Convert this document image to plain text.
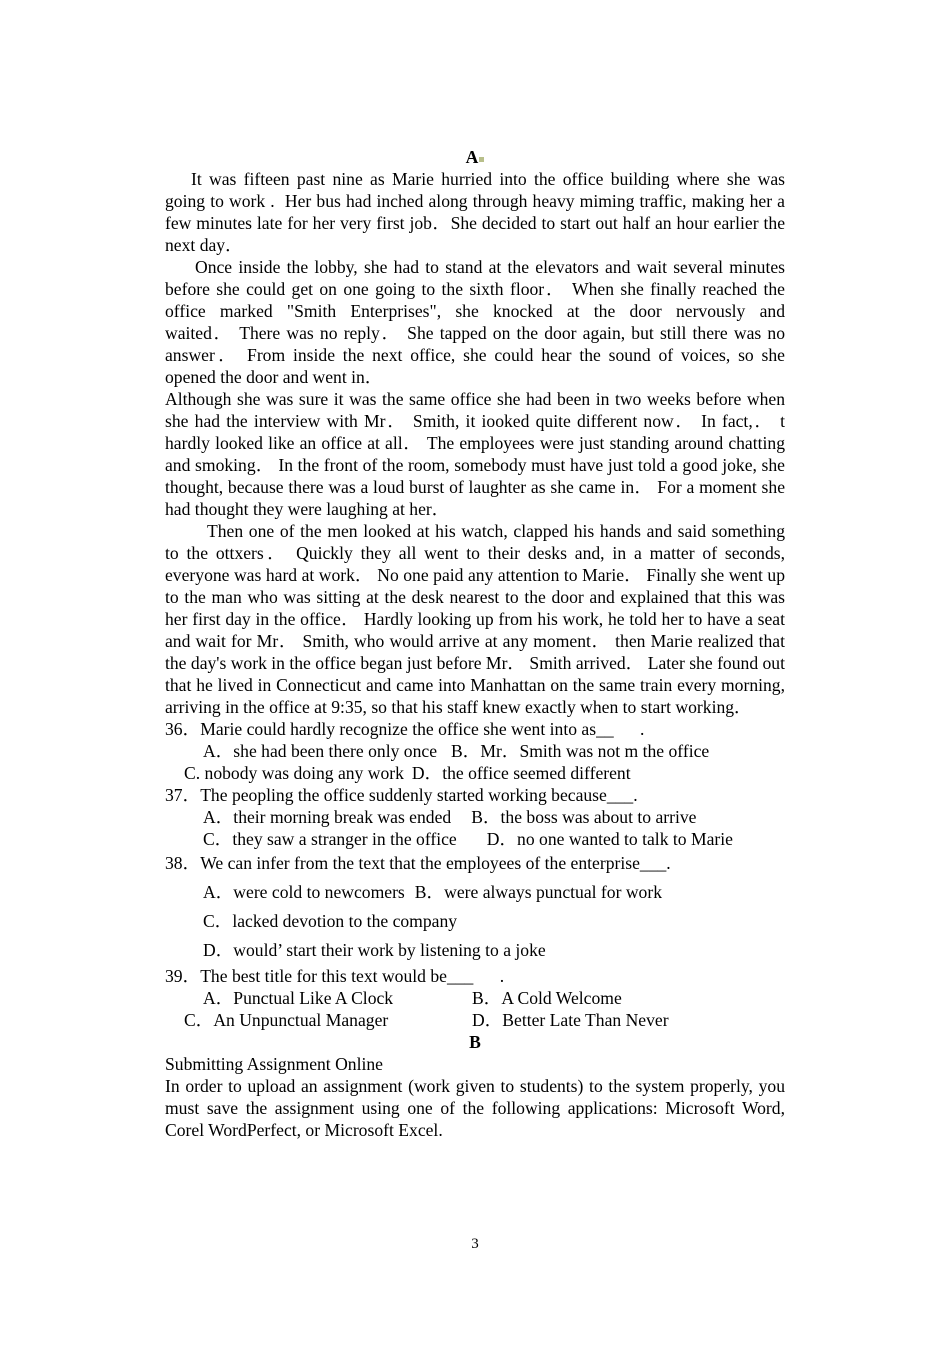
A

It was fifteen past nine as Marie hurried into the office building where she was going to work .  Her bus had inched along through heavy miming traffic, making her a few minutes late for her very first job．She decided to start out half an hour earlier the next day．

Once inside the lobby, she had to stand at the elevators and wait several minutes before she could get on one going to the sixth floor． When she finally reached the office marked "Smith Enterprises", she knocked at the door nervously and waited． There was no reply． She tapped on the door again, but still there was no answer． From inside the next office, she could hear the sound of voices, so she opened the door and went in．

Although she was sure it was the same office she had been in two weeks before when she had the interview with Mr． Smith, it iooked quite different now． In fact,． t hardly looked like an office at all． The employees were just standing around chatting and smoking． In the front of the room, somebody must have just told a good joke, she thought, because there was a loud burst of laughter as she came in． For a moment she had thought they were laughing at her．

Then one of the men looked at his watch, clapped his hands and said something to the ottxers． Quickly they all went to their desks and, in a matter of seconds, everyone was hard at work． No one paid any attention to Marie． Finally she went up to the man who was sitting at the desk nearest to the door and explained that this was her first day in the office． Hardly looking up from his work, he told her to have a seat and wait for Mr． Smith, who would arrive at any moment． then Marie realized that the day's work in the office began just before Mr． Smith arrived． Later she found out that he lived in Connecticut and came into Manhattan on the same train every morning, arriving in the office at 9:35, so that his staff knew exactly when to start working．

36．Marie could hardly recognize the office she went into as__      .

A．she had been there only once B．Mr．Smith was not m the office

C. nobody was doing any work D．the office seemed different

37．The peopling the office suddenly started working because___.

A．their morning break was ended B．the boss was about to arrive

C．they saw a stranger in the office D．no one wanted to talk to Marie

38．We can infer from the text that the employees of the enterprise___.

A．were cold to newcomers B．were always punctual for work

C．lacked devotion to the company

D．would’ start their work by listening to a joke

39．The best title for this text would be___      .

A．Punctual Like A Clock	B．A Cold Welcome

C．An Unpunctual Manager	D．Better Late Than Never

B

Submitting Assignment Online

In order to upload an assignment (work given to students) to the system properly, you must save the assignment using one of the following applications: Microsoft Word, Corel WordPerfect, or Microsoft Excel.

3
